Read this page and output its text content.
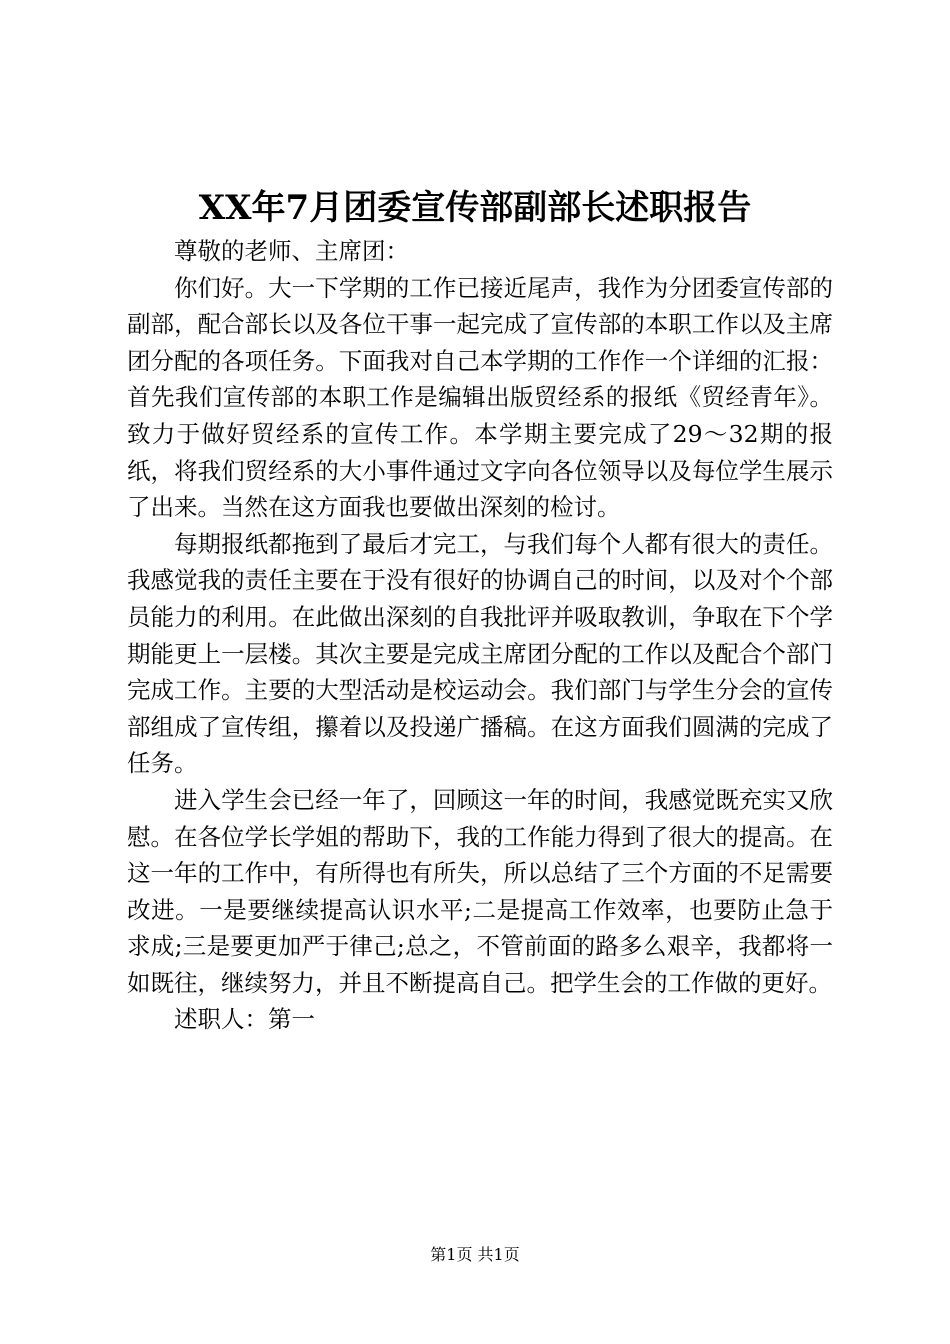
XX年7月团委宣传部副部长述职报告

尊敬的老师、主席团：

你们好。大一下学期的工作已接近尾声，我作为分团委宣传部的副部，配合部长以及各位干事一起完成了宣传部的本职工作以及主席团分配的各项任务。下面我对自己本学期的工作作一个详细的汇报：首先我们宣传部的本职工作是编辑出版贸经系的报纸《贸经青年》。致力于做好贸经系的宣传工作。本学期主要完成了29～32期的报纸，将我们贸经系的大小事件通过文字向各位领导以及每位学生展示了出来。当然在这方面我也要做出深刻的检讨。

每期报纸都拖到了最后才完工，与我们每个人都有很大的责任。我感觉我的责任主要在于没有很好的协调自己的时间，以及对个个部员能力的利用。在此做出深刻的自我批评并吸取教训，争取在下个学期能更上一层楼。其次主要是完成主席团分配的工作以及配合个部门完成工作。主要的大型活动是校运动会。我们部门与学生分会的宣传部组成了宣传组，攥着以及投递广播稿。在这方面我们圆满的完成了任务。

进入学生会已经一年了，回顾这一年的时间，我感觉既充实又欣慰。在各位学长学姐的帮助下，我的工作能力得到了很大的提高。在这一年的工作中，有所得也有所失，所以总结了三个方面的不足需要改进。一是要继续提高认识水平;二是提高工作效率，也要防止急于求成;三是要更加严于律己;总之，不管前面的路多么艰辛，我都将一如既往，继续努力，并且不断提高自己。把学生会的工作做的更好。

述职人：第一

第1页 共1页
